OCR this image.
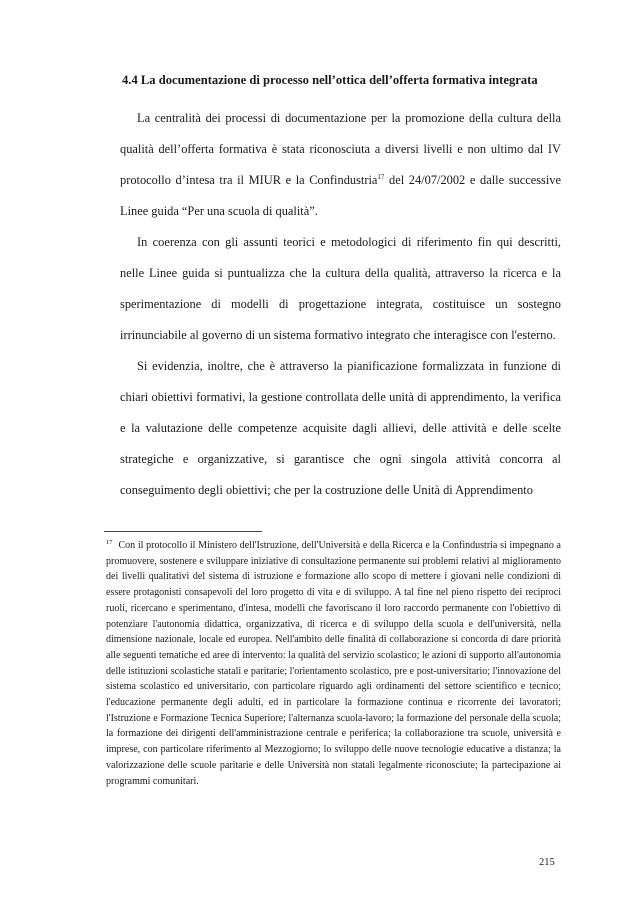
4.4 La documentazione di processo nell’ottica dell’offerta formativa integrata

La centralità dei processi di documentazione per la promozione della cultura della qualità dell’offerta formativa è stata riconosciuta a diversi livelli e non ultimo dal IV protocollo d’intesa tra il MIUR e la Confindustria$^{17}$ del 24/07/2002 e dalle successive Linee guida “Per una scuola di qualità”.

In coerenza con gli assunti teorici e metodologici di riferimento fin qui descritti, nelle Linee guida si puntualizza che la cultura della qualità, attraverso la ricerca e la sperimentazione di modelli di progettazione integrata, costituisce un sostegno irrinunciabile al governo di un sistema formativo integrato che interagisce con l'esterno.

Si evidenzia, inoltre, che è attraverso la pianificazione formalizzata in funzione di chiari obiettivi formativi, la gestione controllata delle unità di apprendimento, la verifica e la valutazione delle competenze acquisite dagli allievi, delle attività e delle scelte strategiche e organizzative, si garantisce che ogni singola attività concorra al conseguimento degli obiettivi; che per la costruzione delle Unità di Apprendimento

$^{17}$ Con il protocollo il Ministero dell'Istruzione, dell'Università e della Ricerca e la Confindustria si impegnano a promuovere, sostenere e sviluppare iniziative di consultazione permanente sui problemi relativi al miglioramento dei livelli qualitativi del sistema di istruzione e formazione allo scopo di mettere i giovani nelle condizioni di essere protagonisti consapevoli del loro progetto di vita e di sviluppo. A tal fine nel pieno rispetto dei reciproci ruoli, ricercano e sperimentano, d'intesa, modelli che favoriscano il loro raccordo permanente con l'obiettivo di potenziare l'autonomia didattica, organizzativa, di ricerca e di sviluppo della scuola e dell'università, nella dimensione nazionale, locale ed europea. Nell'ambito delle finalità di collaborazione si concorda di dare priorità alle seguenti tematiche ed aree di intervento: la qualità del servizio scolastico; le azioni di supporto all'autonomia delle istituzioni scolastiche statali e paritarie; l'orientamento scolastico, pre e post-universitario; l'innovazione del sistema scolastico ed universitario, con particolare riguardo agli ordinamenti del settore scientifico e tecnico; l'educazione permanente degli adulti, ed in particolare la formazione continua e ricorrente dei lavoratori; l'Istruzione e Formazione Tecnica Superiore; l'alternanza scuola-lavoro; la formazione del personale della scuola; la formazione dei dirigenti dell'amministrazione centrale e periferica; la collaborazione tra scuole, università e imprese, con particolare riferimento al Mezzogiorno; lo sviluppo delle nuove tecnologie educative a distanza; la valorizzazione delle scuole paritarie e delle Università non statali legalmente riconosciute; la partecipazione ai programmi comunitari.

215
